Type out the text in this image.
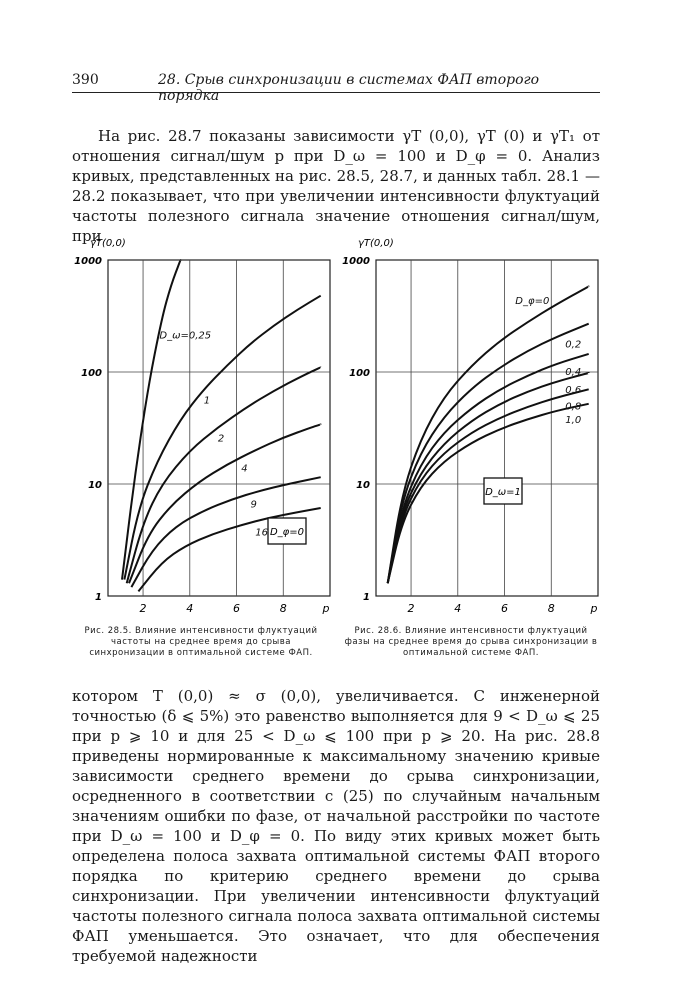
390	28. Срыв синхронизации в системах ФАП второго порядка
На рис. 28.7 показаны зависимости γT (0,0), γT (0) и γT₁ от отношения сигнал/шум p при D_ω = 100 и D_φ = 0. Анализ кривых, представленных на рис. 28.5, 28.7, и данных табл. 28.1 — 28.2 показывает, что при увеличении интенсивности флуктуаций частоты полезного сигнала значение отношения сигнал/шум, при
2	4	6	8	p
1
10
100
1000
γT(0,0)
D_ω=0,25
1
2
4
9
16 D_φ=0
2	4	6	8	p
1
10
100
1000
γT(0,0)
D_φ=0
0,2
0,4
0,6
0,8
1,0
D_ω=1
Рис. 28.5. Влияние интенсивности флуктуаций частоты на среднее время до срыва синхронизации в оптимальной системе ФАП.
Рис. 28.6. Влияние интенсивности флуктуаций фазы на среднее время до срыва синхронизации в оптимальной системе ФАП.
котором T (0,0) ≈ σ (0,0), увеличивается. С инженерной точностью (δ ⩽ 5%) это равенство выполняется для 9 < D_ω ⩽ 25 при p ⩾ 10 и для 25 < D_ω ⩽ 100 при p ⩾ 20. На рис. 28.8 приведены нормированные к максимальному значению кривые зависимости среднего времени до срыва синхронизации, осредненного в соответствии с (25) по случайным начальным значениям ошибки по фазе, от начальной расстройки по частоте при D_ω = 100 и D_φ = 0. По виду этих кривых может быть определена полоса захвата оптимальной системы ФАП второго порядка по критерию среднего времени до срыва синхронизации. При увеличении интенсивности флуктуаций частоты полезного сигнала полоса захвата оптимальной системы ФАП уменьшается. Это означает, что для обеспечения требуемой надежности
